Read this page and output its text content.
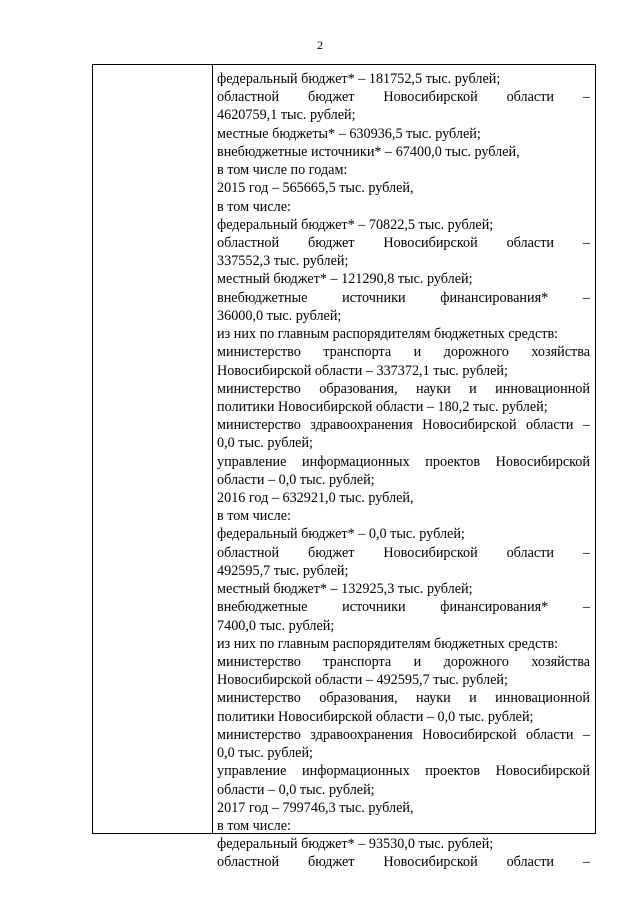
2
федеральный бюджет* – 181752,5 тыс. рублей;
областной бюджет Новосибирской области –
4620759,1 тыс. рублей;
местные бюджеты* – 630936,5 тыс. рублей;
внебюджетные источники* – 67400,0 тыс. рублей,
в том числе по годам:
2015 год – 565665,5 тыс. рублей,
в том числе:
федеральный бюджет* – 70822,5 тыс. рублей;
областной бюджет Новосибирской области –
337552,3 тыс. рублей;
местный бюджет* – 121290,8 тыс. рублей;
внебюджетные источники финансирования* –
36000,0 тыс. рублей;
из них по главным распорядителям бюджетных средств:
министерство транспорта и дорожного хозяйства
Новосибирской области – 337372,1 тыс. рублей;
министерство образования, науки и инновационной
политики Новосибирской области – 180,2 тыс. рублей;
министерство здравоохранения Новосибирской области –
0,0 тыс. рублей;
управление информационных проектов Новосибирской
области – 0,0 тыс. рублей;
2016 год – 632921,0 тыс. рублей,
в том числе:
федеральный бюджет* – 0,0 тыс. рублей;
областной бюджет Новосибирской области –
492595,7 тыс. рублей;
местный бюджет* – 132925,3 тыс. рублей;
внебюджетные источники финансирования* –
7400,0 тыс. рублей;
из них по главным распорядителям бюджетных средств:
министерство транспорта и дорожного хозяйства
Новосибирской области – 492595,7 тыс. рублей;
министерство образования, науки и инновационной
политики Новосибирской области – 0,0 тыс. рублей;
министерство здравоохранения Новосибирской области –
0,0 тыс. рублей;
управление информационных проектов Новосибирской
области – 0,0 тыс. рублей;
2017 год – 799746,3 тыс. рублей,
в том числе:
федеральный бюджет* – 93530,0 тыс. рублей;
областной бюджет Новосибирской области –
